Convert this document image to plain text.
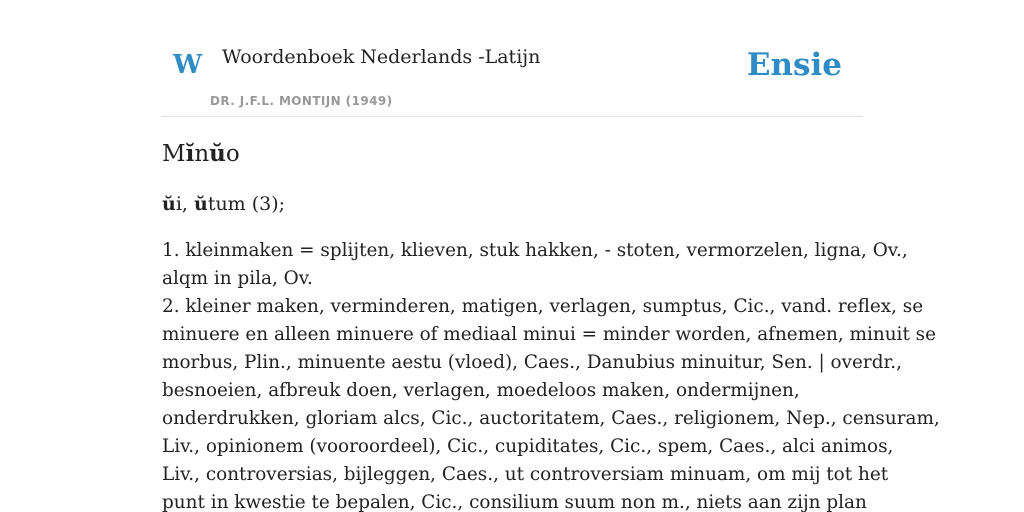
W Woordenboek Nederlands -Latijn
DR. J.F.L. MONTIJN (1949)
Ensie
Mĭnŭo

ŭi, ŭtum (3);

1. kleinmaken = splijten, klieven, stuk hakken, - stoten, vermorzelen, ligna, Ov.,
alqm in pila, Ov.
2. kleiner maken, verminderen, matigen, verlagen, sumptus, Cic., vand. reflex, se
minuere en alleen minuere of mediaal minui = minder worden, afnemen, minuit se
morbus, Plin., minuente aestu (vloed), Caes., Danubius minuitur, Sen. | overdr.,
besnoeien, afbreuk doen, verlagen, moedeloos maken, ondermijnen,
onderdrukken, gloriam alcs, Cic., auctoritatem, Caes., religionem, Nep., censuram,
Liv., opinionem (vooroordeel), Cic., cupiditates, Cic., spem, Caes., alci animos,
Liv., controversias, bijleggen, Caes., ut controversiam minuam, om mij tot het
punt in kwestie te bepalen, Cic., consilium suum non m., niets aan zijn plan
